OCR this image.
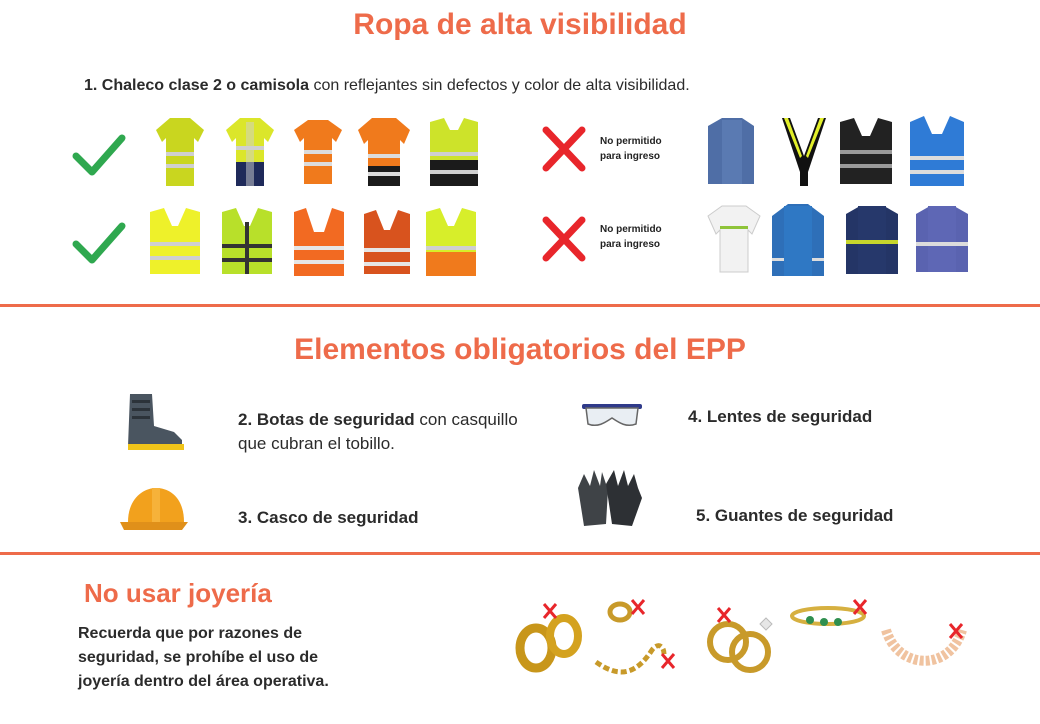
Ropa de alta visibilidad
1. Chaleco clase 2 o camisola con reflejantes sin defectos y color de alta visibilidad.
No permitido para ingreso
No permitido para ingreso
Elementos obligatorios del EPP
2. Botas de seguridad con casquillo que cubran el tobillo.
3. Casco de seguridad
4. Lentes de seguridad
5. Guantes de seguridad
No usar joyería
Recuerda que por razones de seguridad, se prohíbe el uso de joyería dentro del área operativa.
